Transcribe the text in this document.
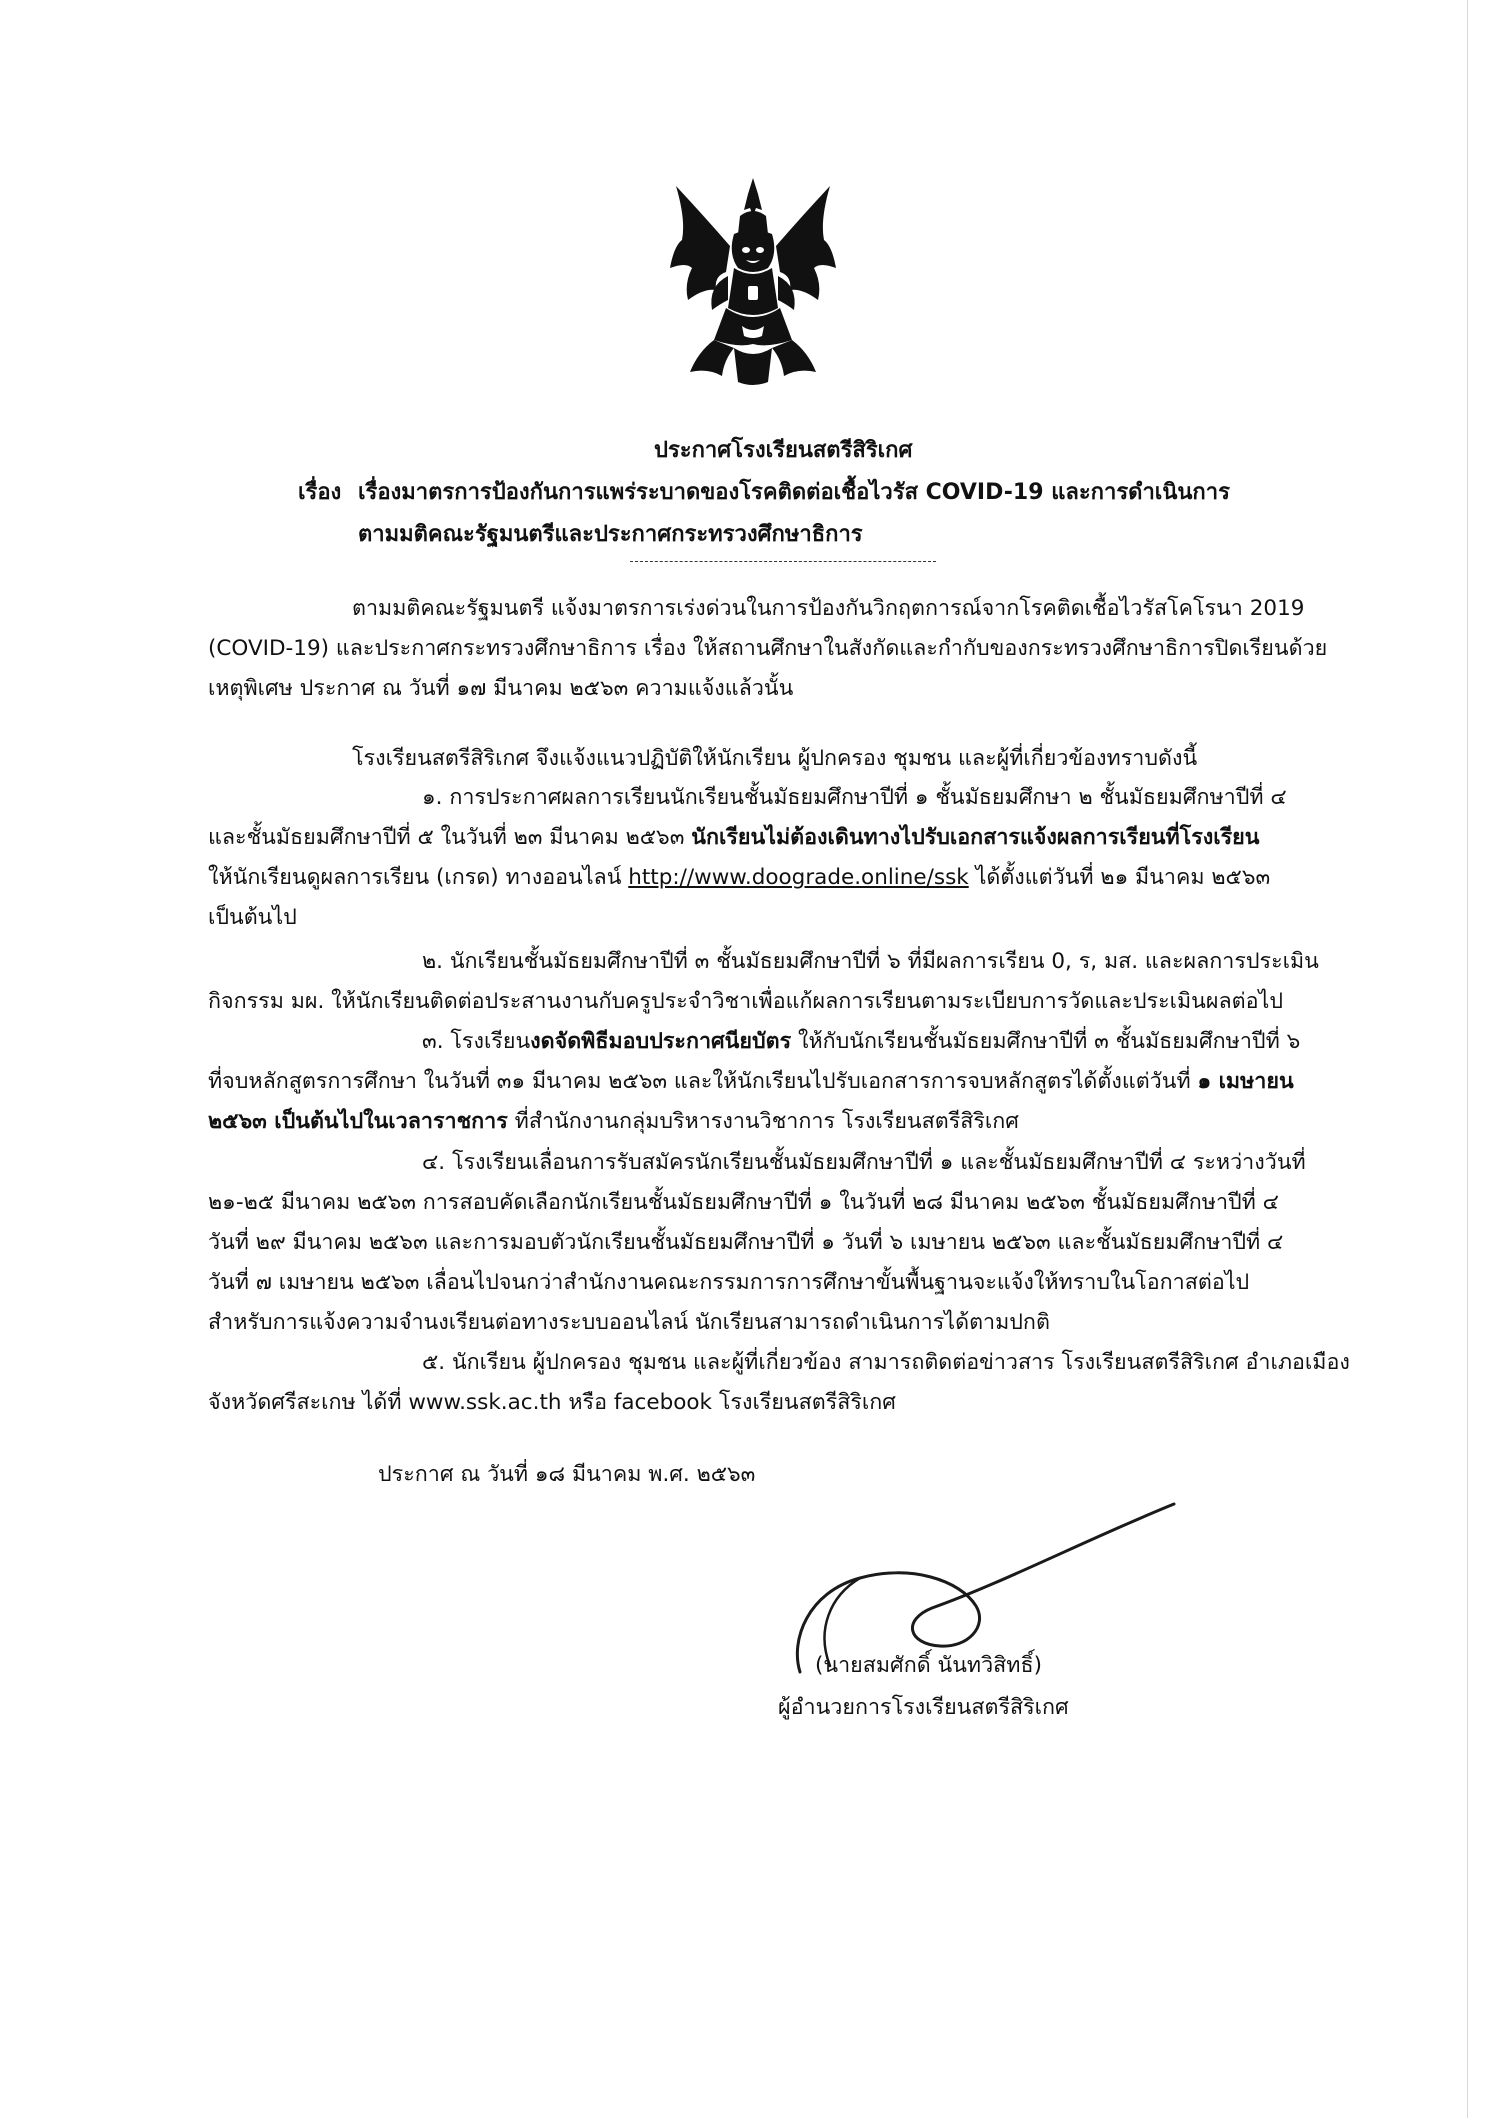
ประกาศโรงเรียนสตรีสิริเกศ
เรื่อง เรื่องมาตรการป้องกันการแพร่ระบาดของโรคติดต่อเชื้อไวรัส COVID-19 และการดำเนินการ
ตามมติคณะรัฐมนตรีและประกาศกระทรวงศึกษาธิการ
ตามมติคณะรัฐมนตรี แจ้งมาตรการเร่งด่วนในการป้องกันวิกฤตการณ์จากโรคติดเชื้อไวรัสโคโรนา 2019
(COVID-19) และประกาศกระทรวงศึกษาธิการ เรื่อง ให้สถานศึกษาในสังกัดและกำกับของกระทรวงศึกษาธิการปิดเรียนด้วย
เหตุพิเศษ ประกาศ ณ วันที่ ๑๗ มีนาคม ๒๕๖๓ ความแจ้งแล้วนั้น
โรงเรียนสตรีสิริเกศ จึงแจ้งแนวปฏิบัติให้นักเรียน ผู้ปกครอง ชุมชน และผู้ที่เกี่ยวข้องทราบดังนี้
๑. การประกาศผลการเรียนนักเรียนชั้นมัธยมศึกษาปีที่ ๑ ชั้นมัธยมศึกษา ๒ ชั้นมัธยมศึกษาปีที่ ๔
และชั้นมัธยมศึกษาปีที่ ๕ ในวันที่ ๒๓ มีนาคม ๒๕๖๓ นักเรียนไม่ต้องเดินทางไปรับเอกสารแจ้งผลการเรียนที่โรงเรียน
ให้นักเรียนดูผลการเรียน (เกรด) ทางออนไลน์ http://www.doograde.online/ssk ได้ตั้งแต่วันที่ ๒๑ มีนาคม ๒๕๖๓
เป็นต้นไป
๒. นักเรียนชั้นมัธยมศึกษาปีที่ ๓ ชั้นมัธยมศึกษาปีที่ ๖ ที่มีผลการเรียน 0, ร, มส. และผลการประเมิน
กิจกรรม มผ. ให้นักเรียนติดต่อประสานงานกับครูประจำวิชาเพื่อแก้ผลการเรียนตามระเบียบการวัดและประเมินผลต่อไป
๓. โรงเรียนงดจัดพิธีมอบประกาศนียบัตร ให้กับนักเรียนชั้นมัธยมศึกษาปีที่ ๓ ชั้นมัธยมศึกษาปีที่ ๖
ที่จบหลักสูตรการศึกษา ในวันที่ ๓๑ มีนาคม ๒๕๖๓ และให้นักเรียนไปรับเอกสารการจบหลักสูตรได้ตั้งแต่วันที่ ๑ เมษายน
๒๕๖๓ เป็นต้นไปในเวลาราชการ ที่สำนักงานกลุ่มบริหารงานวิชาการ โรงเรียนสตรีสิริเกศ
๔. โรงเรียนเลื่อนการรับสมัครนักเรียนชั้นมัธยมศึกษาปีที่ ๑ และชั้นมัธยมศึกษาปีที่ ๔ ระหว่างวันที่
๒๑-๒๕ มีนาคม ๒๕๖๓ การสอบคัดเลือกนักเรียนชั้นมัธยมศึกษาปีที่ ๑ ในวันที่ ๒๘ มีนาคม ๒๕๖๓ ชั้นมัธยมศึกษาปีที่ ๔
วันที่ ๒๙ มีนาคม ๒๕๖๓ และการมอบตัวนักเรียนชั้นมัธยมศึกษาปีที่ ๑ วันที่ ๖ เมษายน ๒๕๖๓ และชั้นมัธยมศึกษาปีที่ ๔
วันที่ ๗ เมษายน ๒๕๖๓ เลื่อนไปจนกว่าสำนักงานคณะกรรมการการศึกษาขั้นพื้นฐานจะแจ้งให้ทราบในโอกาสต่อไป
สำหรับการแจ้งความจำนงเรียนต่อทางระบบออนไลน์ นักเรียนสามารถดำเนินการได้ตามปกติ
๕. นักเรียน ผู้ปกครอง ชุมชน และผู้ที่เกี่ยวข้อง สามารถติดต่อข่าวสาร โรงเรียนสตรีสิริเกศ อำเภอเมือง
จังหวัดศรีสะเกษ ได้ที่ www.ssk.ac.th หรือ facebook โรงเรียนสตรีสิริเกศ
ประกาศ ณ วันที่ ๑๘ มีนาคม พ.ศ. ๒๕๖๓
(นายสมศักดิ์ นันทวิสิทธิ์)
ผู้อำนวยการโรงเรียนสตรีสิริเกศ
